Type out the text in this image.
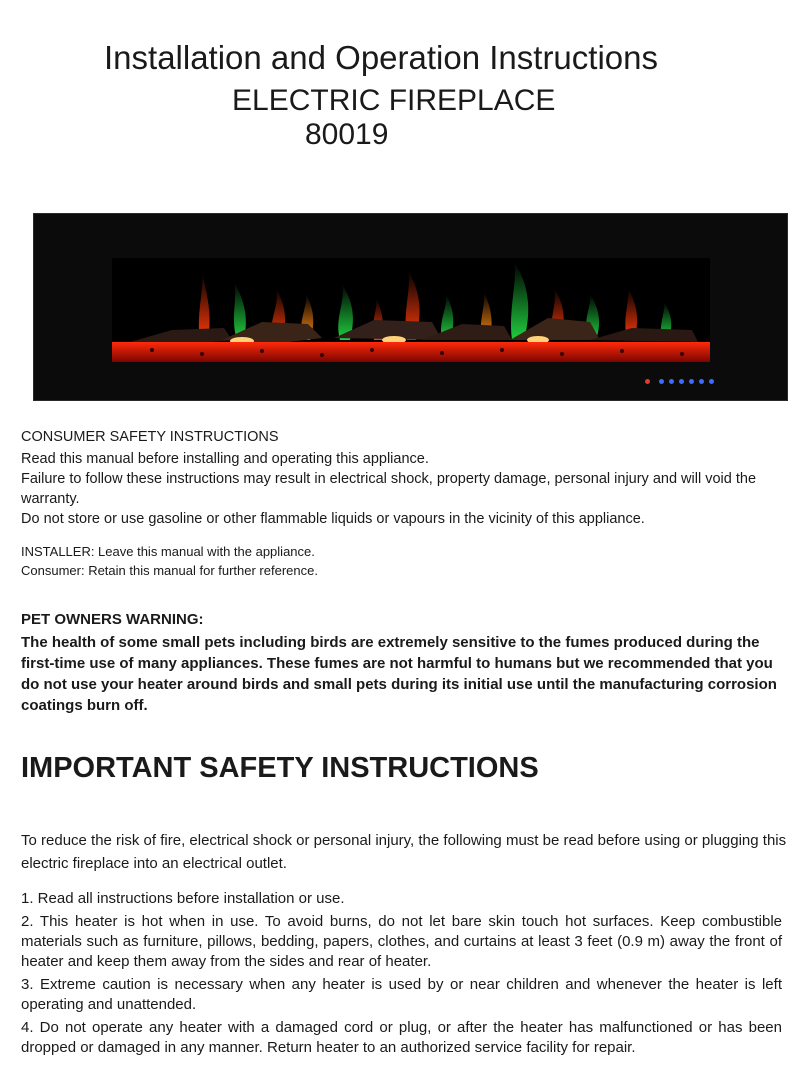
Installation and Operation Instructions
ELECTRIC FIREPLACE
80019
CONSUMER SAFETY INSTRUCTIONS

Read this manual before installing and operating this appliance.

Failure to follow these instructions may result in electrical shock, property damage, personal injury and will void the warranty.

Do not store or use gasoline or other flammable liquids or vapours in the vicinity of this appliance.

INSTALLER: Leave this manual with the appliance.

Consumer: Retain this manual for further reference.

PET OWNERS WARNING:
The health of some small pets including birds are extremely sensitive to the fumes produced during the first-time use of many appliances. These fumes are not harmful to humans but we recommended that you do not use your heater around birds and small pets during its initial use until the manufacturing corrosion coatings burn off.
IMPORTANT SAFETY INSTRUCTIONS
To reduce the risk of fire, electrical shock or personal injury, the following must be read before using or plugging this electric fireplace into an electrical outlet.

1. Read all instructions before installation or use.

2. This heater is hot when in use. To avoid burns, do not let bare skin touch hot surfaces. Keep combustible materials such as furniture, pillows, bedding, papers, clothes, and curtains at least 3 feet (0.9 m) away the front of heater and keep them away from the sides and rear of heater.

3. Extreme caution is necessary when any heater is used by or near children and whenever the heater is left operating and unattended.

4. Do not operate any heater with a damaged cord or plug, or after the heater has malfunctioned or has been dropped or damaged in any manner. Return heater to an authorized service facility for repair.
